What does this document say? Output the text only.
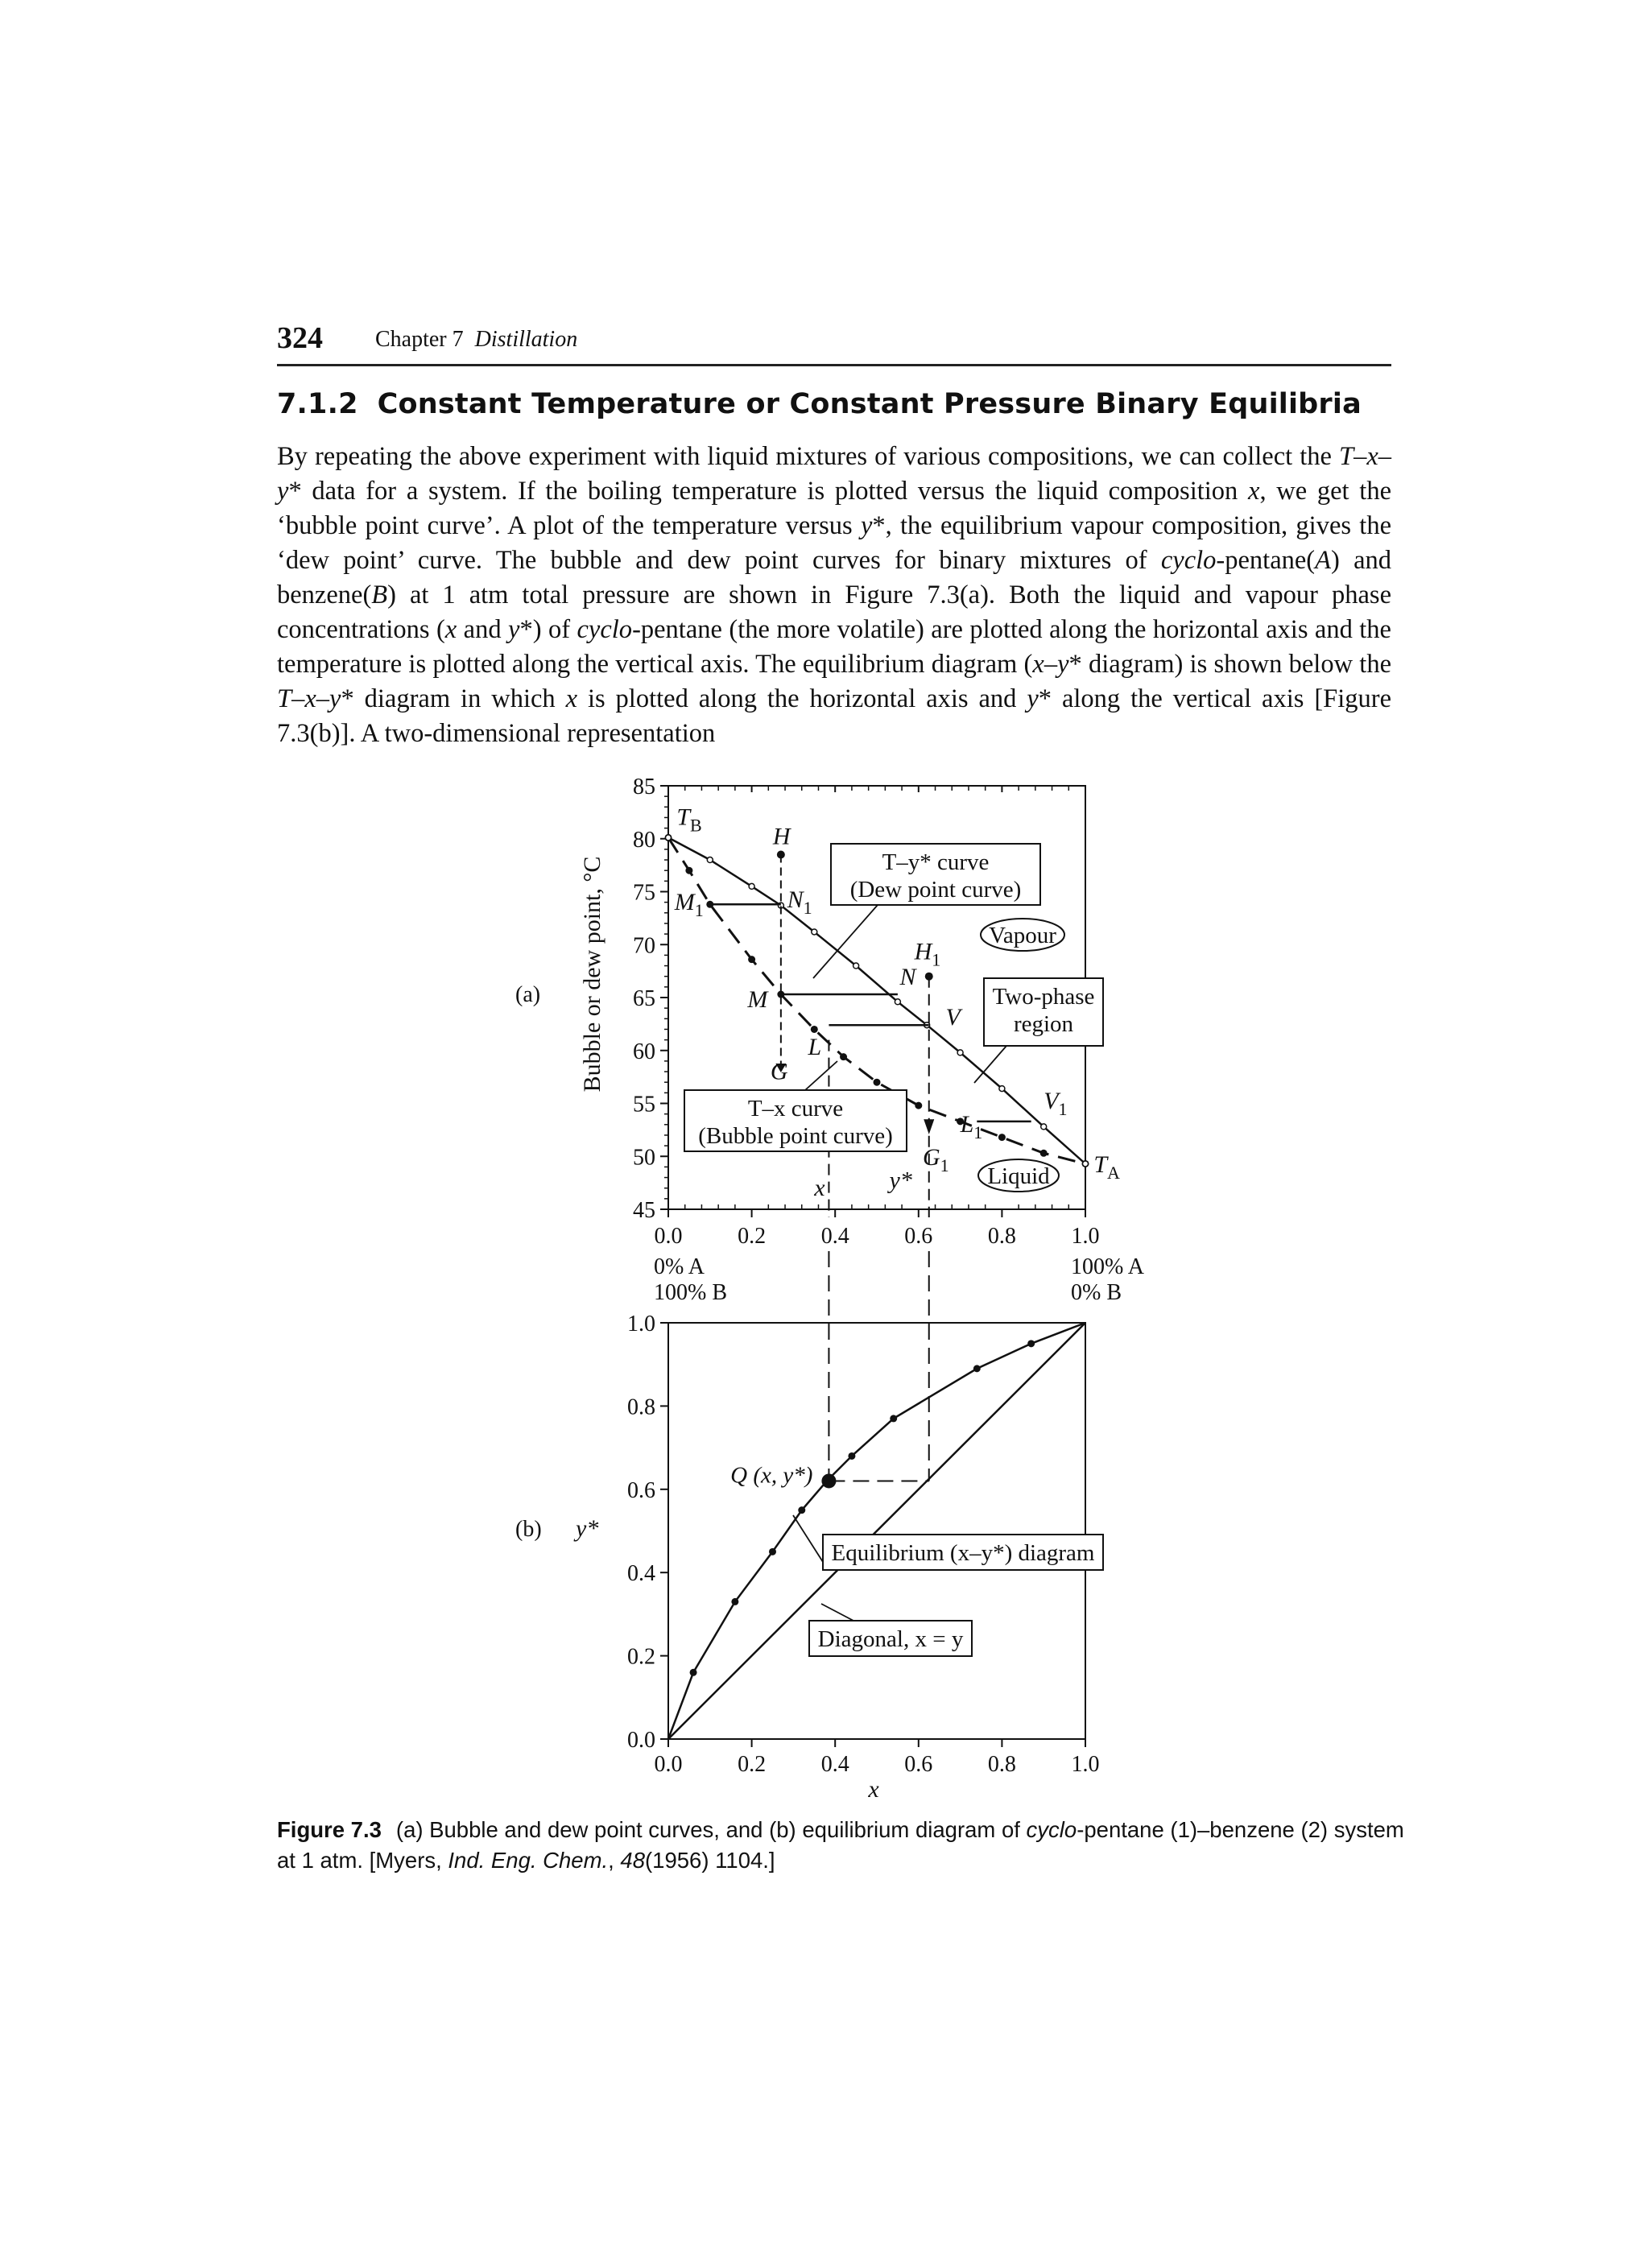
324 Chapter 7 Distillation
7.1.2 Constant Temperature or Constant Pressure Binary Equilibria
By repeating the above experiment with liquid mixtures of various compositions, we can collect the T–x–y* data for a system. If the boiling temperature is plotted versus the liquid composition x, we get the ‘bubble point curve’. A plot of the temperature versus y*, the equilibrium vapour composition, gives the ‘dew point’ curve. The bubble and dew point curves for binary mixtures of cyclo-pentane(A) and benzene(B) at 1 atm total pressure are shown in Figure 7.3(a). Both the liquid and vapour phase concentrations (x and y*) of cyclo-pentane (the more volatile) are plotted along the horizontal axis and the temperature is plotted along the vertical axis. The equilibrium diagram (x–y* diagram) is shown below the T–x–y* diagram in which x is plotted along the horizontal axis and y* along the vertical axis [Figure 7.3(b)]. A two-dimensional representation
85
80
75
70
65
60
55
50
45
0.0 0.2 0.4 0.6 0.8 1.0
Bubble or dew point, °C
(a)
0% A
100% B
100% A
0% B
$T_B$
$T_A$
H
$H_1$
$M_1$	$N_1$
M
N
L
V
G
$G_1$
$L_1$
$V_1$
x	y*
T–y* curve
(Dew point curve)
T–x curve
(Bubble point curve)
Two-phase
region
Vapour
Liquid
1.0
0.8
0.6
0.4
0.2
0.0
0.0 0.2 0.4 0.6 0.8 1.0
x
(b) y*
Q (x, y*)
Equilibrium (x–y*) diagram
Diagonal, x = y
Figure 7.3 (a) Bubble and dew point curves, and (b) equilibrium diagram of cyclo-pentane (1)–benzene (2) system at 1 atm. [Myers, Ind. Eng. Chem., 48(1956) 1104.]
